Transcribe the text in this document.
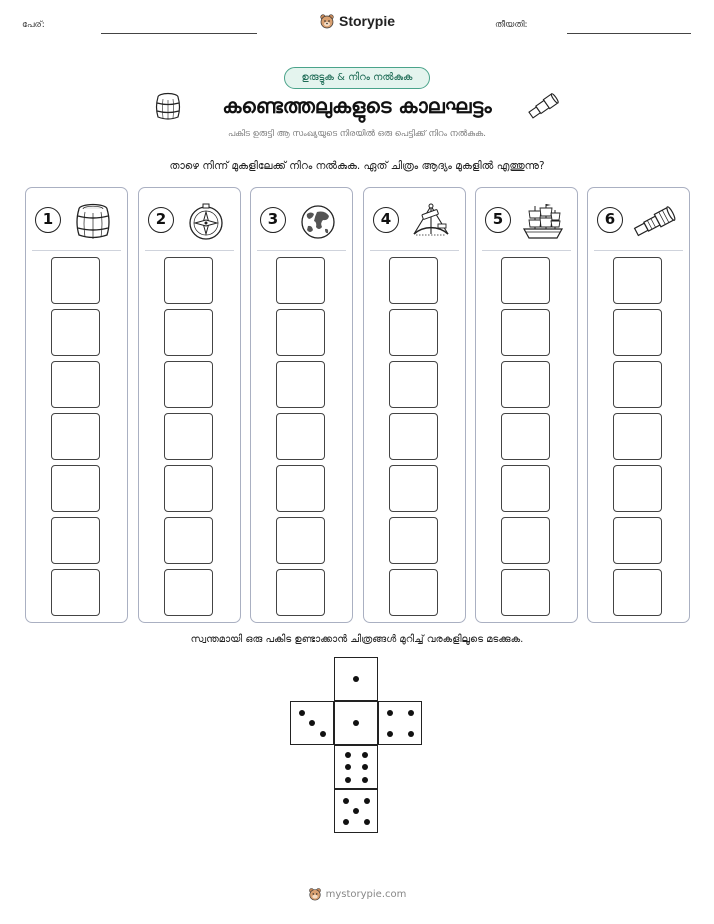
പേര്:	തീയതി:
Storypie
ഉരുട്ടുക & നിറം നൽകുക
കണ്ടെത്തലുകളുടെ കാലഘട്ടം
പകിട ഉരുട്ടി ആ സംഖ്യയുടെ നിരയിൽ ഒരു പെട്ടിക്ക് നിറം നൽകുക.
താഴെ നിന്ന് മുകളിലേക്ക് നിറം നൽകുക. ഏത് ചിത്രം ആദ്യം മുകളിൽ എത്തുന്നു?
1	2	3	4	5	6
സ്വന്തമായി ഒരു പകിട ഉണ്ടാക്കാൻ ചിത്രങ്ങൾ മുറിച്ച് വരകളിലൂടെ മടക്കുക.
mystorypie.com
